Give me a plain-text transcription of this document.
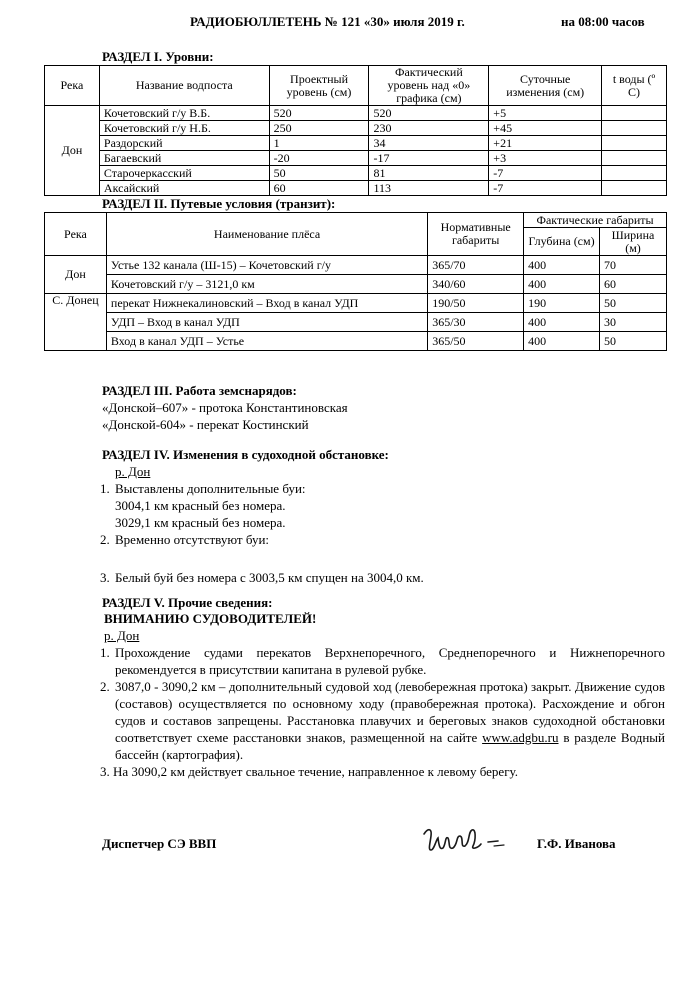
РАДИОБЮЛЛЕТЕНЬ № 121 «30» июля 2019 г.	на 08:00 часов
РАЗДЕЛ I. Уровни:
Река	Название водпоста	Проектный уровень (см)	Фактический уровень над «0» графика (см)	Суточные изменения (см)	t воды (º C)
Дон	Кочетовский г/у В.Б.	520	520	+5	
	Кочетовский г/у Н.Б.	250	230	+45	
	Раздорский	1	34	+21	
	Багаевский	-20	-17	+3	
	Старочеркасский	50	81	-7	
	Аксайский	60	113	-7	
РАЗДЕЛ II. Путевые условия (транзит):
Река	Наименование плёса	Нормативные габариты	Фактические габариты	
			Глубина (см)	Ширина (м)
Дон	Устье 132 канала (Ш-15) – Кочетовский г/у	365/70	400	70
	Кочетовский г/у – 3121,0 км	340/60	400	60
С. Донец	перекат Нижнекалиновский – Вход в канал УДП	190/50	190	50
	УДП – Вход в канал УДП	365/30	400	30
	Вход в канал УДП – Устье	365/50	400	50
РАЗДЕЛ III. Работа земснарядов:
«Донской–607» - протока Константиновская
«Донской-604» - перекат Костинский
РАЗДЕЛ IV. Изменения в судоходной обстановке:
р. Дон
1. Выставлены дополнительные буи:
3004,1 км красный без номера.
3029,1 км красный без номера.
2. Временно отсутствуют буи:
3. Белый буй без номера с 3003,5 км спущен на 3004,0 км.
РАЗДЕЛ V. Прочие сведения:
ВНИМАНИЮ СУДОВОДИТЕЛЕЙ!
р. Дон
1. Прохождение судами перекатов Верхнепоречного, Среднепоречного и Нижнепоречного рекомендуется в присутствии капитана в рулевой рубке.
2. 3087,0 - 3090,2 км – дополнительный судовой ход (левобережная протока) закрыт. Движение судов (составов) осуществляется по основному ходу (правобережная протока). Расхождение и обгон судов и составов запрещены. Расстановка плавучих и береговых знаков судоходной обстановки соответствует схеме расстановки знаков, размещенной на сайте www.adgbu.ru в разделе Водный бассейн (картография).
3. На 3090,2 км действует свальное течение, направленное к левому берегу.
Диспетчер СЭ ВВП	Г.Ф. Иванова
